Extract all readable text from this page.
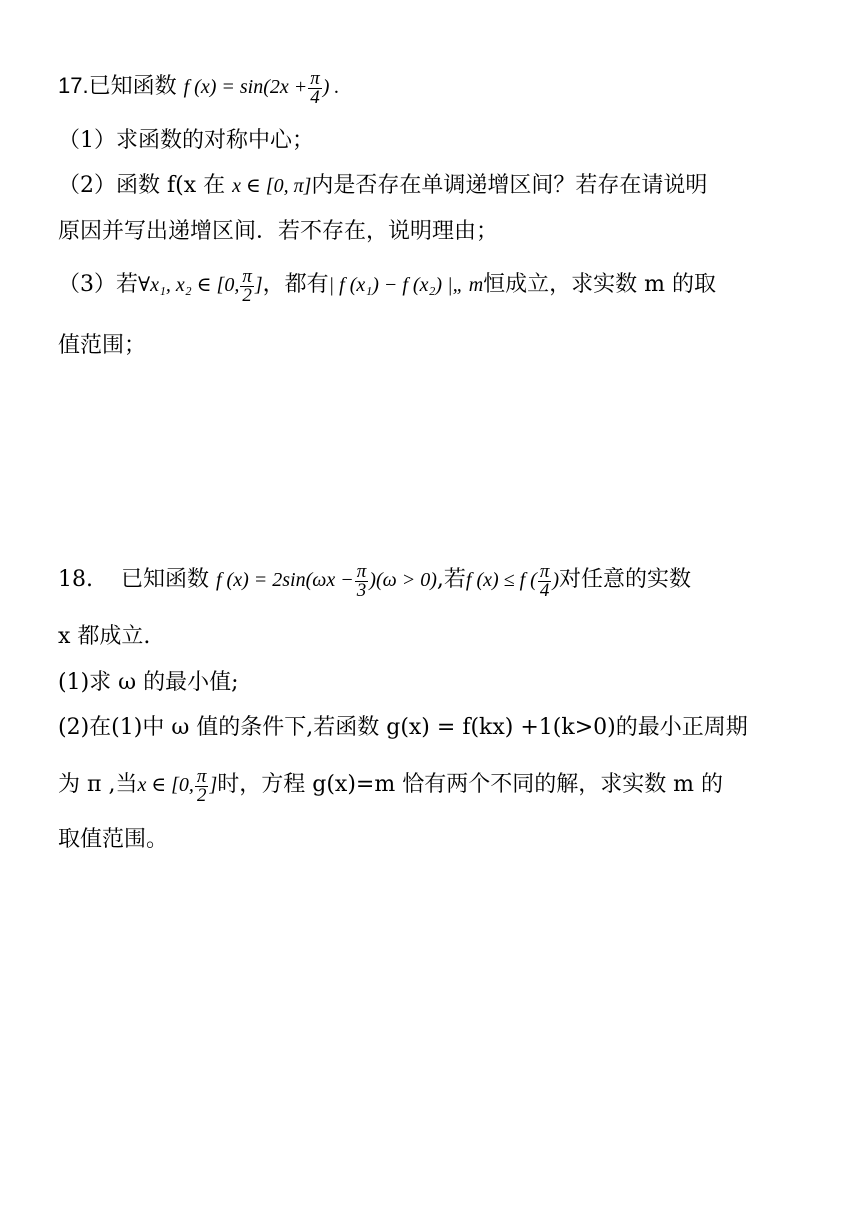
17.已知函数 f $(x) = \sin(2x + \frac{\pi}{4}$ ) .
（1）求函数的对称中心；
（2）函数 f(x 在 x ∈ [0, π]内是否存在单调递增区间？若存在请说明
原因并写出递增区间．若不存在，说明理由；
（3）若∀x₁, x₂ ∈ [0, $\frac{\pi}{2}$ ]，都有| f (x₁) − f (x₂) |„ m恒成立，求实数 m 的取
值范围；
18. 已知函数 f $(x) = 2\sin(\omega x - \frac{\pi}{3} )(\omega > 0)$,若f (x) ≤ f ( $\frac{\pi}{4}$ )对任意的实数
x 都成立.
(1)求 ω 的最小值;
(2)在(1)中 ω 值的条件下,若函数 g(x) = f(kx) +1(k>0)的最小正周期
为 π ,当x ∈ [0, $\frac{\pi}{2}$ ]时，方程 g(x)=m 恰有两个不同的解，求实数 m 的
取值范围。
